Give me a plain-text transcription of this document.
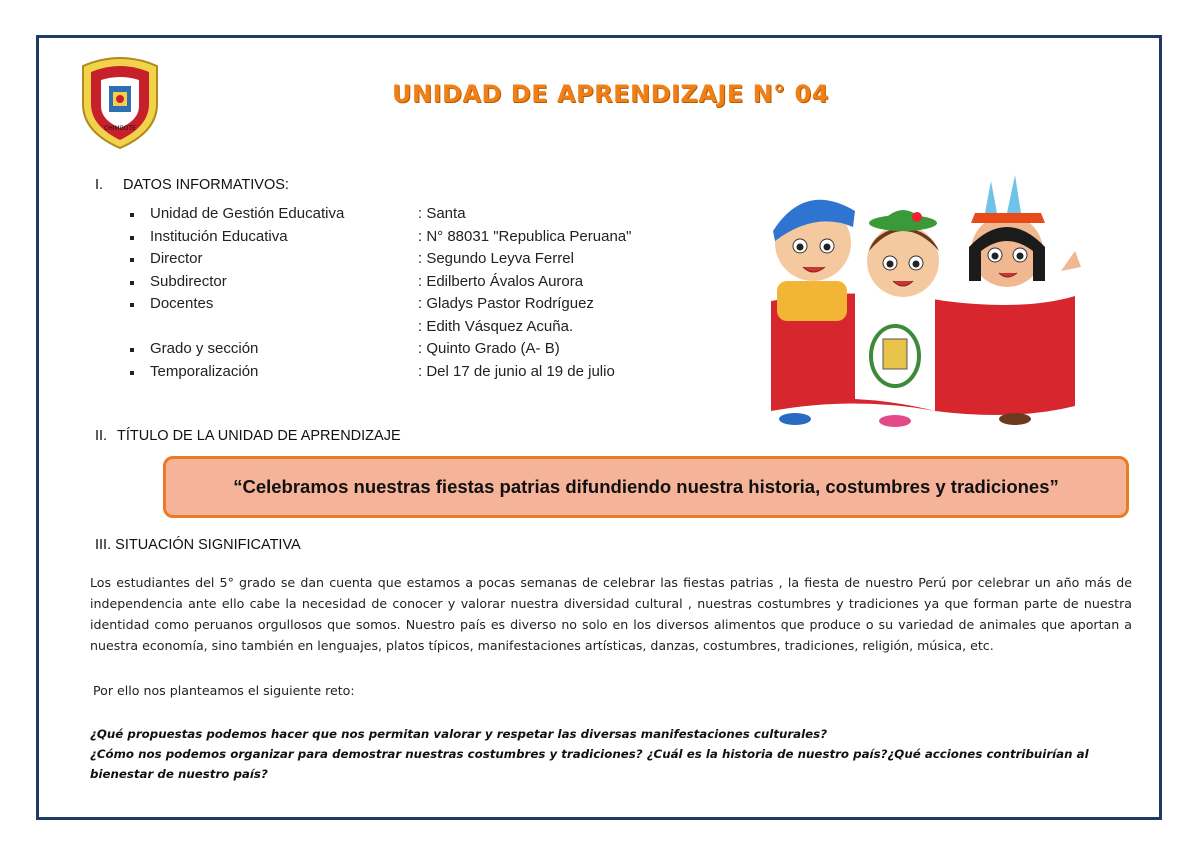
CHIMBOTE
UNIDAD DE APRENDIZAJE N° 04
I. DATOS INFORMATIVOS:
Unidad de Gestión Educativa	: Santa
Institución Educativa	: N° 88031 "Republica Peruana"
Director	: Segundo Leyva Ferrel
Subdirector	: Edilberto Ávalos Aurora
Docentes	: Gladys Pastor Rodríguez
: Edith Vásquez Acuña.
Grado y sección	: Quinto Grado (A- B)
Temporalización	: Del 17 de junio al 19 de julio
II. TÍTULO DE LA UNIDAD DE APRENDIZAJE
“Celebramos nuestras fiestas patrias difundiendo nuestra historia, costumbres y tradiciones”
III. SITUACIÓN SIGNIFICATIVA
Los estudiantes del 5° grado se dan cuenta que estamos a pocas semanas de celebrar las fiestas patrias , la fiesta de nuestro Perú por celebrar un año más de independencia ante ello cabe la necesidad de conocer y valorar nuestra diversidad cultural , nuestras costumbres y tradiciones ya que forman parte de nuestra identidad como peruanos orgullosos que somos. Nuestro país es diverso no solo en los diversos alimentos que produce o su variedad de animales que aportan a nuestra economía, sino también en lenguajes, platos típicos, manifestaciones artísticas, danzas, costumbres, tradiciones, religión, música, etc.
Por ello nos planteamos el siguiente reto:
¿Qué propuestas podemos hacer que nos permitan valorar y respetar las diversas manifestaciones culturales?
¿Cómo nos podemos organizar para demostrar nuestras costumbres y tradiciones? ¿Cuál es la historia de nuestro país?¿Qué acciones contribuirían al bienestar de nuestro país?
